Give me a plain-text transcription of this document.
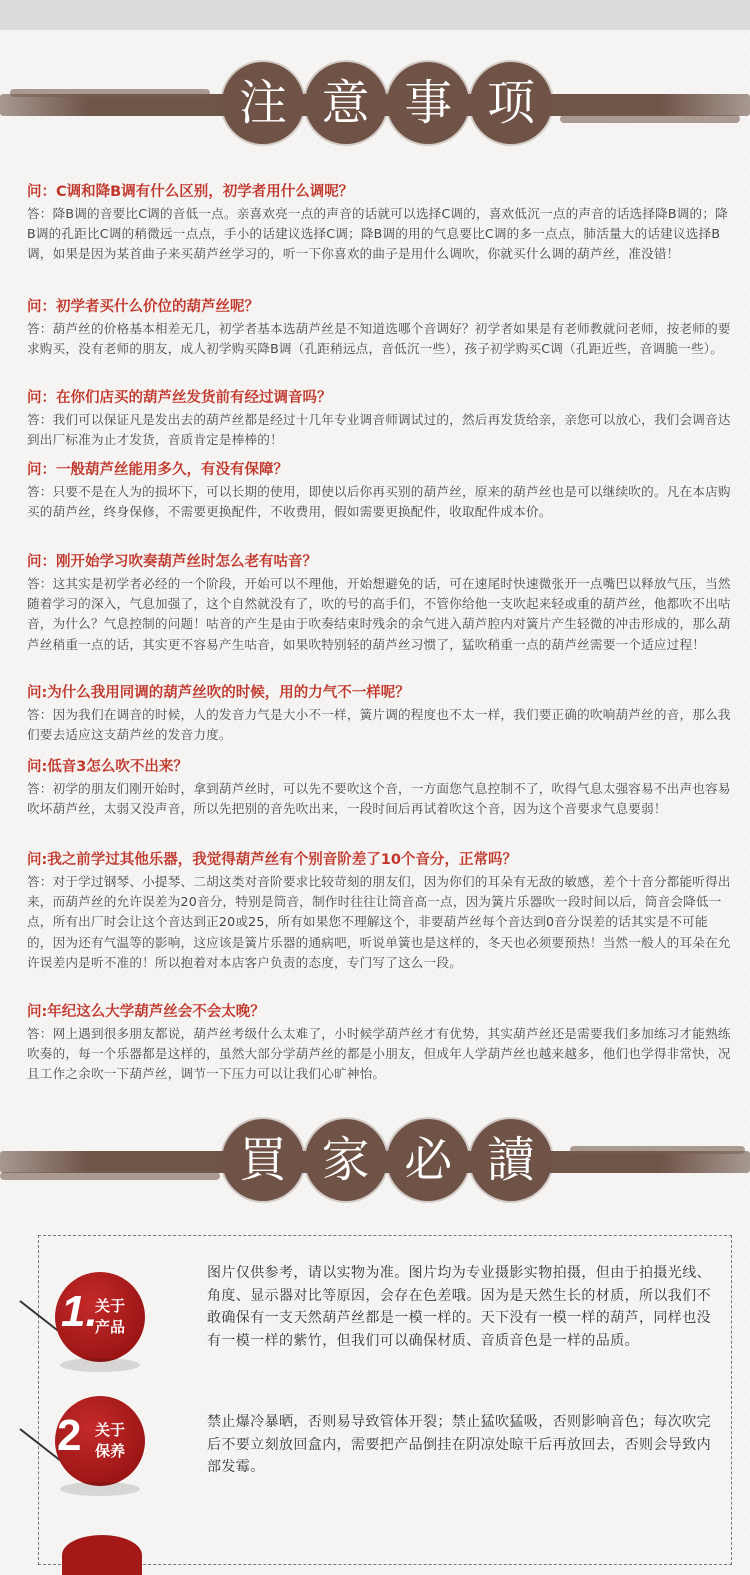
注 意 事 项

问：C调和降B调有什么区别，初学者用什么调呢？

答：降B调的音要比C调的音低一点。亲喜欢亮一点的声音的话就可以选择C调的，喜欢低沉一点的声音的话选择降B调的；降B调的孔距比C调的稍微远一点点，手小的话建议选择C调；降B调的用的气息要比C调的多一点点，肺活量大的话建议选择B调，如果是因为某首曲子来买葫芦丝学习的，听一下你喜欢的曲子是用什么调吹，你就买什么调的葫芦丝，准没错！

问：初学者买什么价位的葫芦丝呢？

答：葫芦丝的价格基本相差无几，初学者基本选葫芦丝是不知道选哪个音调好？初学者如果是有老师教就问老师，按老师的要求购买，没有老师的朋友，成人初学购买降B调（孔距稍远点，音低沉一些），孩子初学购买C调（孔距近些，音调脆一些）。

问：在你们店买的葫芦丝发货前有经过调音吗？

答：我们可以保证凡是发出去的葫芦丝都是经过十几年专业调音师调试过的，然后再发货给亲，亲您可以放心，我们会调音达到出厂标准为止才发货，音质肯定是棒棒的！

问：一般葫芦丝能用多久，有没有保障？

答：只要不是在人为的损坏下，可以长期的使用，即使以后你再买别的葫芦丝，原来的葫芦丝也是可以继续吹的。凡在本店购买的葫芦丝，终身保修，不需要更换配件，不收费用，假如需要更换配件，收取配件成本价。

问：刚开始学习吹奏葫芦丝时怎么老有咕音？

答：这其实是初学者必经的一个阶段，开始可以不理他，开始想避免的话，可在速尾时快速微张开一点嘴巴以释放气压，当然随着学习的深入，气息加强了，这个自然就没有了，吹的号的高手们，不管你给他一支吹起来轻或重的葫芦丝，他都吹不出咕音，为什么？气息控制的问题！咕音的产生是由于吹奏结束时残余的余气进入葫芦腔内对簧片产生轻微的冲击形成的，那么葫芦丝稍重一点的话，其实更不容易产生咕音，如果吹特别轻的葫芦丝习惯了，猛吹稍重一点的葫芦丝需要一个适应过程！

问:为什么我用同调的葫芦丝吹的时候，用的力气不一样呢？

答：因为我们在调音的时候，人的发音力气是大小不一样，簧片调的程度也不太一样，我们要正确的吹响葫芦丝的音，那么我们要去适应这支葫芦丝的发音力度。

问:低音3怎么吹不出来？

答：初学的朋友们刚开始时，拿到葫芦丝时，可以先不要吹这个音，一方面您气息控制不了，吹得气息太强容易不出声也容易吹坏葫芦丝，太弱又没声音，所以先把别的音先吹出来，一段时间后再试着吹这个音，因为这个音要求气息要弱！

问:我之前学过其他乐器，我觉得葫芦丝有个别音阶差了10个音分，正常吗？

答：对于学过钢琴、小提琴、二胡这类对音阶要求比较苛刻的朋友们，因为你们的耳朵有无敌的敏感，差个十音分都能听得出来，而葫芦丝的允许误差为20音分，特别是筒音，制作时往往让筒音高一点，因为簧片乐器吹一段时间以后，筒音会降低一点，所有出厂时会让这个音达到正20或25，所有如果您不理解这个，非要葫芦丝每个音达到0音分误差的话其实是不可能的，因为还有气温等的影响，这应该是簧片乐器的通病吧，听说单簧也是这样的，冬天也必须要预热！当然一般人的耳朵在允许误差内是听不准的！所以抱着对本店客户负责的态度，专门写了这么一段。

问:年纪这么大学葫芦丝会不会太晚？

答：网上遇到很多朋友都说，葫芦丝考级什么太难了，小时候学葫芦丝才有优势，其实葫芦丝还是需要我们多加练习才能熟练吹奏的，每一个乐器都是这样的，虽然大部分学葫芦丝的都是小朋友，但成年人学葫芦丝也越来越多，他们也学得非常快，况且工作之余吹一下葫芦丝，调节一下压力可以让我们心旷神怡。

買 家 必 讀
1.
关于产品
图片仅供参考，请以实物为准。图片均为专业摄影实物拍摄，但由于拍摄光线、角度、显示器对比等原因，会存在色差哦。因为是天然生长的材质，所以我们不敢确保有一支天然葫芦丝都是一模一样的。天下没有一模一样的葫芦，同样也没有一模一样的紫竹，但我们可以确保材质、音质音色是一样的品质。
2 关于保养
禁止爆冷暴晒，否则易导致管体开裂；禁止猛吹猛吸，否则影响音色；每次吹完后不要立刻放回盒内，需要把产品倒挂在阴凉处晾干后再放回去，否则会导致内部发霉。
